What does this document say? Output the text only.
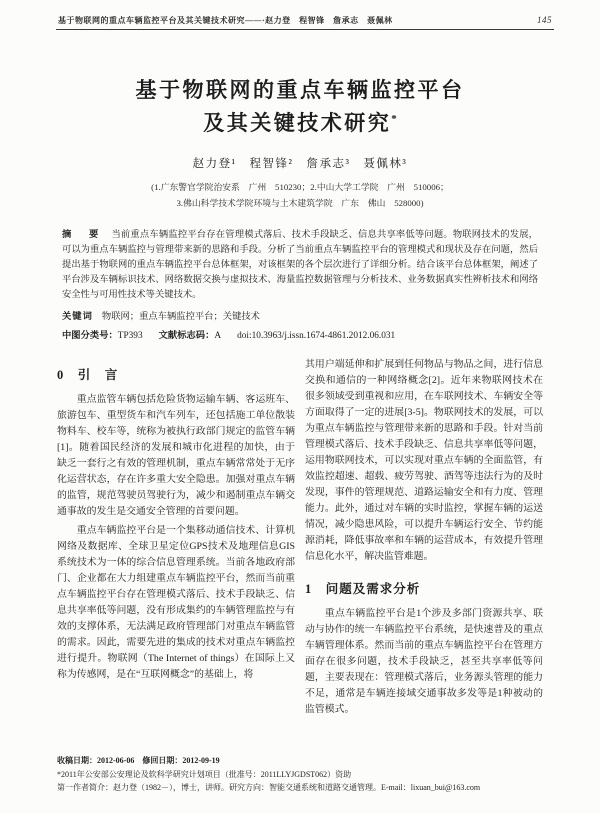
基于物联网的重点车辆监控平台及其关键技术研究——·赵力登　程智锋　詹承志　聂佩林	145
基于物联网的重点车辆监控平台
及其关键技术研究*
赵力登¹　程智锋²　詹承志³　聂佩林³
(1.广东警官学院治安系　广州　510230；2.中山大学工学院　广州　510006；
3.佛山科学技术学院环境与土木建筑学院　广东　佛山　528000)
摘　要 当前重点车辆监控平台存在管理模式落后、技术手段缺乏、信息共享率低等问题。物联网技术的发展，可以为重点车辆监控与管理带来新的思路和手段。分析了当前重点车辆监控平台的管理模式和现状及存在问题，然后提出基于物联网的重点车辆监控平台总体框架，对该框架的各个层次进行了详细分析。结合该平台总体框架，阐述了平台涉及车辆标识技术、网络数据交换与虚拟技术、海量监控数据管理与分析技术、业务数据真实性辨析技术和网络安全性与可用性技术等关键技术。
关键词 物联网；重点车辆监控平台；关键技术
中图分类号：TP393 文献标志码：A doi:10.3963/j.issn.1674-4861.2012.06.031
0　引　言

重点监管车辆包括危险货物运输车辆、客运班车、旅游包车、重型货车和汽车列车，还包括施工单位散装物料车、校车等，统称为被执行政部门规定的监管车辆[1]。随着国民经济的发展和城市化进程的加快，由于缺乏一套行之有效的管理机制，重点车辆常常处于无序化运营状态，存在许多重大安全隐患。加强对重点车辆的监管，规范驾驶员驾驶行为，减少和遏制重点车辆交通事故的发生是交通安全管理的首要问题。

重点车辆监控平台是一个集移动通信技术、计算机网络及数据库、全球卫星定位GPS技术及地理信息GIS系统技术为一体的综合信息管理系统。当前各地政府部门、企业都在大力组建重点车辆监控平台，然而当前重点车辆监控平台存在管理模式落后、技术手段缺乏、信息共享率低等问题，没有形成集约的车辆管理监控与有效的支撑体系，无法满足政府管理部门对重点车辆监管的需求。因此，需要先进的集成的技术对重点车辆监控进行提升。物联网（The Internet of things）在国际上又称为传感网，是在“互联网概念”的基础上，将

其用户端延伸和扩展到任何物品与物品之间，进行信息交换和通信的一种网络概念[2]。近年来物联网技术在很多领域受到重视和应用，在车联网技术、车辆安全等方面取得了一定的进展[3-5]。物联网技术的发展，可以为重点车辆监控与管理带来新的思路和手段。针对当前管理模式落后、技术手段缺乏、信息共享率低等问题，运用物联网技术，可以实现对重点车辆的全面监管，有效监控超速、超载、疲劳驾驶、酒驾等违法行为的及时发现，事件的管理规范、道路运输安全和有力度、管理能力。此外，通过对车辆的实时监控，掌握车辆的运送情况，减少隐患风险，可以提升车辆运行安全、节约能源消耗，降低事故率和车辆的运营成本，有效提升管理信息化水平，解决监管难题。

1　问题及需求分析

重点车辆监控平台是1个涉及多部门资源共享、联动与协作的统一车辆监控平台系统，是快速普及的重点车辆管理体系。然而当前的重点车辆监控平台在管理方面存在很多问题，技术手段缺乏，甚至共享率低等问题，主要表现在：管理模式落后，业务源头管理的能力不足，通常是车辆连接域交通事故多发等是1种被动的监管模式。

收稿日期：2012-06-06　修回日期：2012-09-19
*2011年公安部公安理论及软科学研究计划项目（批准号：2011LLYJGDST062）资助
第一作者简介：赵力登（1982－），博士，讲师。研究方向：智能交通系统和道路交通管理。E-mail：lixuan_bui@163.com
